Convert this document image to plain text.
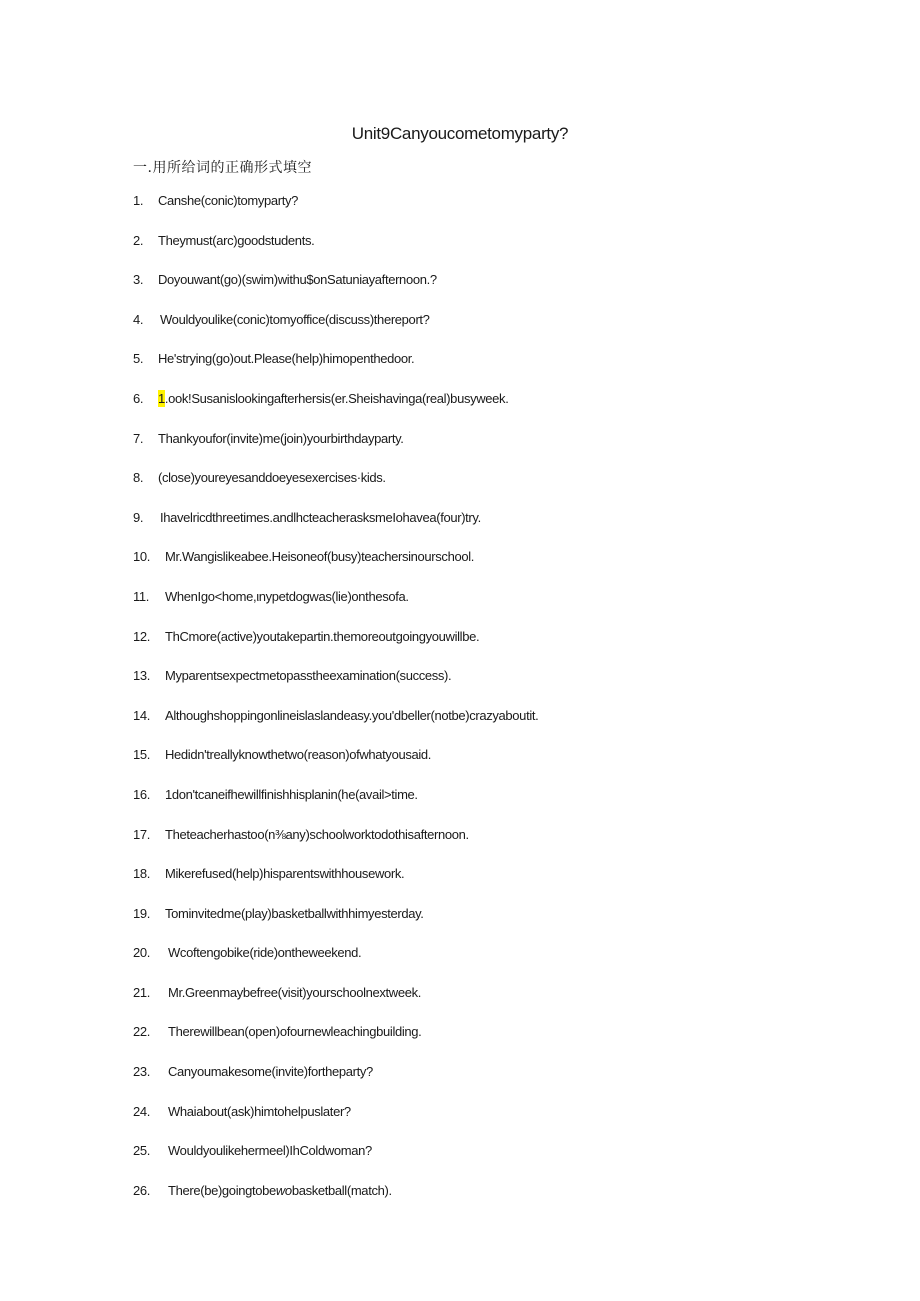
Unit9Canyoucometomyparty?
一.用所给词的正确形式填空
1. Canshe(conic)tomyparty?
2. Theymust(arc)goodstudents.
3. Doyouwant(go)(swim)withu$onSatuniayafternoon.?
4. Wouldyoulike(conic)tomyoffice(discuss)thereport?
5. He'strying(go)out.Please(help)himopenthedoor.
6. 1.ook!Susanislookingafterhersis(er.Sheishavinga(real)busyweek.
7. Thankyoufor(invite)me(join)yourbirthdayparty.
8. (close)youreyesanddoeyesexercises·kids.
9. Ihavelricdthreetimes.andlhcteacherasksmeIohavea(four)try.
10. Mr.Wangislikeabee.Heisoneof(busy)teachersinourschool.
11. WhenIgo<home,ιnypetdogwas(lie)onthesofa.
12. ThCmore(active)youtakepartin.themoreoutgoingyouwillbe.
13. Myparentsexpectmetopasstheexamination(success).
14. Althoughshoppingonlineislaslandeasy.you'dbeller(notbe)crazyaboutit.
15. Hedidn'treallyknowthetwo(reason)ofwhatyousaid.
16. 1don'tcaneifhewillfinishhisplanin(he(avail>time.
17. Theteacherhastoo(n⅜any)schoolworktodothisafternoon.
18. Mikerefused(help)hisparentswithhousework.
19. Tominvitedme(play)basketballwithhimyesterday.
20. Wcoftengobike(ride)ontheweekend.
21. Mr.Greenmaybefree(visit)yourschoolnextweek.
22. Therewillbean(open)ofournewleachingbuilding.
23. Canyoumakesome(invite)fortheparty?
24. Whaiabout(ask)himtohelpuslater?
25. Wouldyoulikehermeel)IhColdwoman?
26. There(be)goingtobewobasketball(match).
